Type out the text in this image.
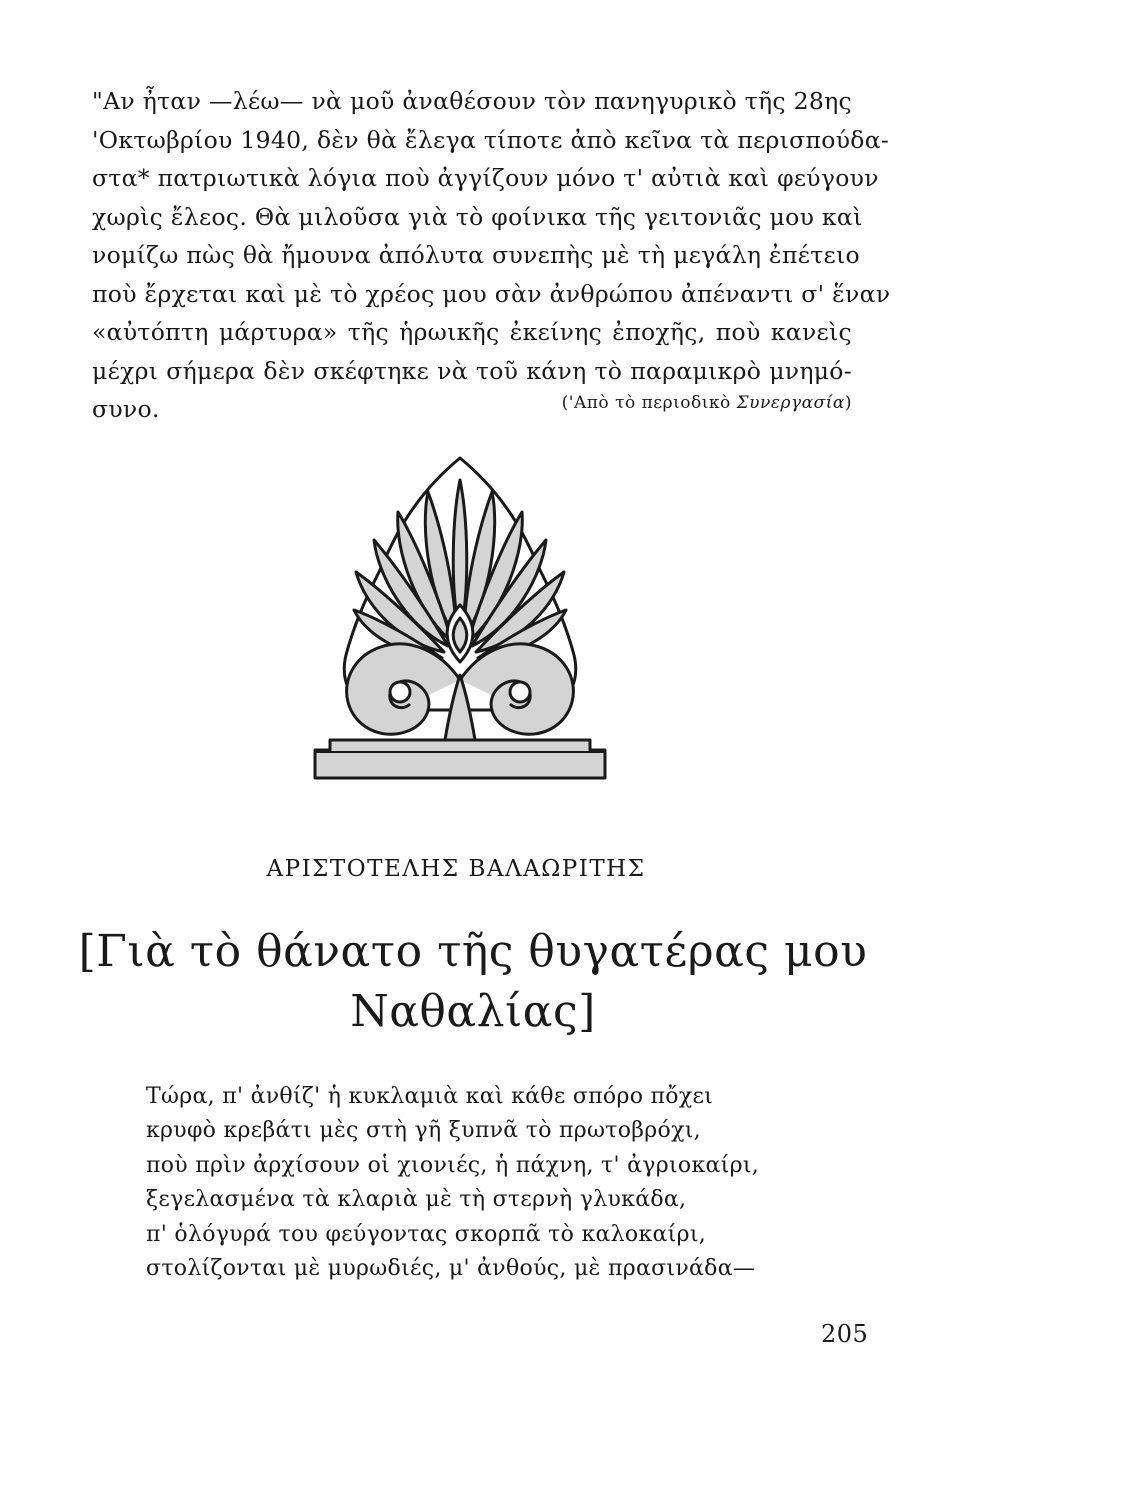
"Αν ἦταν —λέω— νὰ μοῦ ἀναθέσουν τὸν πανηγυρικὸ τῆς 28ης
'Οκτωβρίου 1940, δὲν θὰ ἔλεγα τίποτε ἀπὸ κεῖνα τὰ περισπούδα-
στα* πατριωτικὰ λόγια ποὺ ἀγγίζουν μόνο τ' αὐτιὰ καὶ φεύγουν
χωρὶς ἔλεος. Θὰ μιλοῦσα γιὰ τὸ φοίνικα τῆς γειτονιᾶς μου καὶ
νομίζω πὼς θὰ ἤμουνα ἀπόλυτα συνεπὴς μὲ τὴ μεγάλη ἐπέτειο
ποὺ ἔρχεται καὶ μὲ τὸ χρέος μου σὰν ἀνθρώπου ἀπέναντι σ' ἕναν
«αὐτόπτη μάρτυρα» τῆς ἡρωικῆς ἐκείνης ἐποχῆς, ποὺ κανεὶς
μέχρι σήμερα δὲν σκέφτηκε νὰ τοῦ κάνη τὸ παραμικρὸ μνημό-
συνο.	('Απὸ τὸ περιοδικὸ Συνεργασία)
ΑΡΙΣΤΟΤΕΛΗΣ ΒΑΛΑΩΡΙΤΗΣ
[Γιὰ τὸ θάνατο τῆς θυγατέρας μου
Ναθαλίας]
Τώρα, π' ἀνθίζ' ἡ κυκλαμιὰ καὶ κάθε σπόρο πὄχει
κρυφὸ κρεβάτι μὲς στὴ γῆ ξυπνᾶ τὸ πρωτοβρόχι,
ποὺ πρὶν ἀρχίσουν οἱ χιονιές, ἡ πάχνη, τ' ἀγριοκαίρι,
ξεγελασμένα τὰ κλαριὰ μὲ τὴ στερνὴ γλυκάδα,
π' ὁλόγυρά του φεύγοντας σκορπᾶ τὸ καλοκαίρι,
στολίζονται μὲ μυρωδιές, μ' ἀνθούς, μὲ πρασινάδα—
205
